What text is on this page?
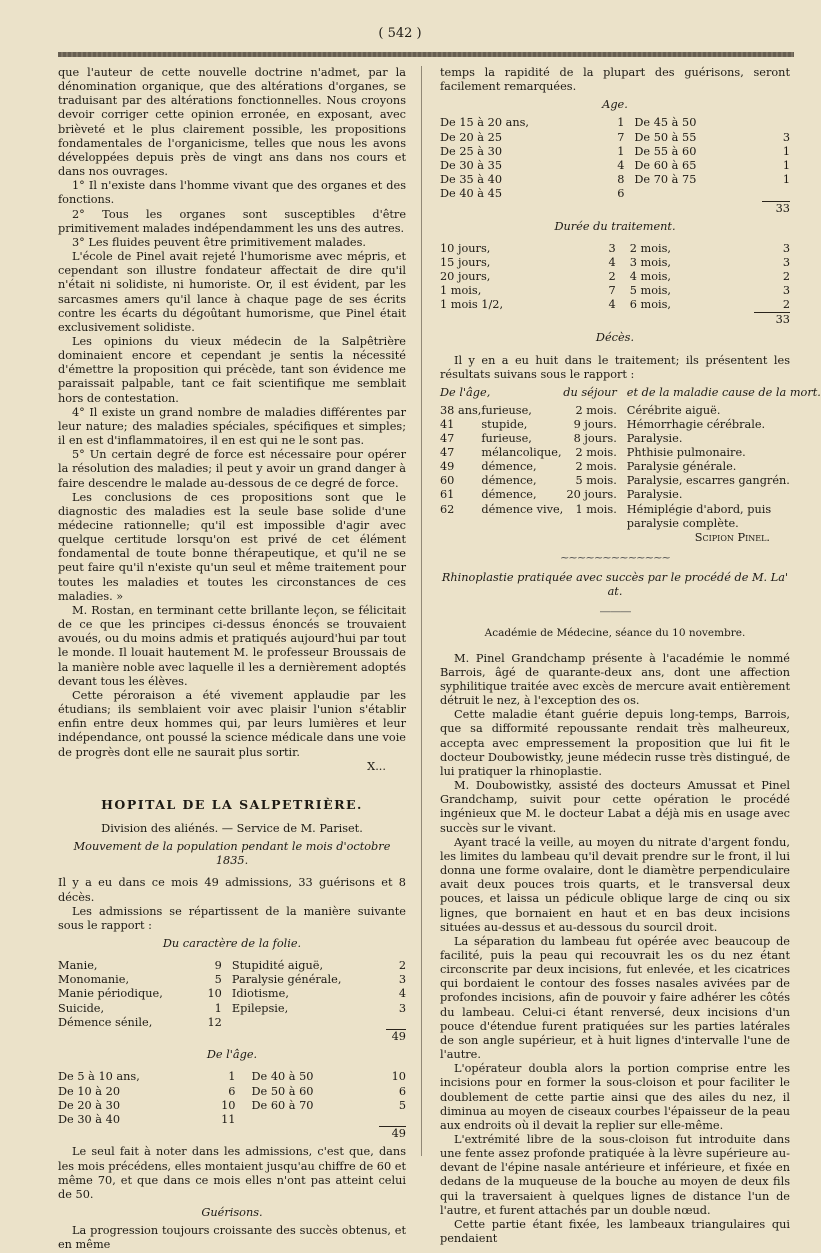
( 542 )

que l'auteur de cette nouvelle doctrine n'admet, par la dénomination organique, que des altérations d'organes, se traduisant par des altérations fonctionnelles. Nous croyons devoir corriger cette opinion erronée, en exposant, avec brièveté et le plus clairement possible, les propositions fondamentales de l'organicisme, telles que nous les avons développées depuis près de vingt ans dans nos cours et dans nos ouvrages.

1° Il n'existe dans l'homme vivant que des organes et des fonctions.

2° Tous les organes sont susceptibles d'être primitivement malades indépendamment les uns des autres.

3° Les fluides peuvent être primitivement malades.

L'école de Pinel avait rejeté l'humorisme avec mépris, et cependant son illustre fondateur affectait de dire qu'il n'était ni solidiste, ni humoriste. Or, il est évident, par les sarcasmes amers qu'il lance à chaque page de ses écrits contre les écarts du dégoûtant humorisme, que Pinel était exclusivement solidiste.

Les opinions du vieux médecin de la Salpêtrière dominaient encore et cependant je sentis la nécessité d'émettre la proposition qui précède, tant son évidence me paraissait palpable, tant ce fait scientifique me semblait hors de contestation.

4° Il existe un grand nombre de maladies différentes par leur nature; des maladies spéciales, spécifiques et simples; il en est d'inflammatoires, il en est qui ne le sont pas.

5° Un certain degré de force est nécessaire pour opérer la résolution des maladies; il peut y avoir un grand danger à faire descendre le malade au-dessous de ce degré de force.

Les conclusions de ces propositions sont que le diagnostic des maladies est la seule base solide d'une médecine rationnelle; qu'il est impossible d'agir avec quelque certitude lorsqu'on est privé de cet élément fondamental de toute bonne thérapeutique, et qu'il ne se peut faire qu'il n'existe qu'un seul et même traitement pour toutes les maladies et toutes les circonstances de ces maladies. »

M. Rostan, en terminant cette brillante leçon, se félicitait de ce que les principes ci-dessus énoncés se trouvaient avoués, ou du moins admis et pratiqués aujourd'hui par tout le monde. Il louait hautement M. le professeur Broussais de la manière noble avec laquelle il les a dernièrement adoptés devant tous les élèves.

Cette péroraison a été vivement applaudie par les étudians; ils semblaient voir avec plaisir l'union s'établir enfin entre deux hommes qui, par leurs lumières et leur indépendance, ont poussé la science médicale dans une voie de progrès dont elle ne saurait plus sortir.

X...

HOPITAL DE LA SALPETRIÈRE.
Division des aliénés. — Service de M. Pariset.
Mouvement de la population pendant le mois d'octobre 1835.

Il y a eu dans ce mois 49 admissions, 33 guérisons et 8 décès.

Les admissions se répartissent de la manière suivante sous le rapport :

Du caractère de la folie.
Manie,	9	Stupidité aiguë,	2
Monomanie,	5	Paralysie générale,	3
Manie périodique,	10	Idiotisme,	4
Suicide,	1	Epilepsie,	3
Démence sénile,	12		
			49
De l'âge.
De 5 à 10 ans,	1	De 40 à 50	10
De 10 à 20	6	De 50 à 60	6
De 20 à 30	10	De 60 à 70	5
De 30 à 40	11		
			49

Le seul fait à noter dans les admissions, c'est que, dans les mois précédens, elles montaient jusqu'au chiffre de 60 et même 70, et que dans ce mois elles n'ont pas atteint celui de 50.

Guérisons.

La progression toujours croissante des succès obtenus, et en même

temps la rapidité de la plupart des guérisons, seront facilement remarquées.

Age.
De 15 à 20 ans,	1	De 45 à 50	
De 20 à 25	7	De 50 à 55	3
De 25 à 30	1	De 55 à 60	1
De 30 à 35	4	De 60 à 65	1
De 35 à 40	8	De 70 à 75	1
De 40 à 45	6		
			33
Durée du traitement.
10 jours,	3	2 mois,	3
15 jours,	4	3 mois,	3
20 jours,	2	4 mois,	2
1 mois,	7	5 mois,	3
1 mois 1/2,	4	6 mois,	2
			33
Décès.

Il y en a eu huit dans le traitement; ils présentent les résultats suivans sous le rapport :

De l'âge,		du séjour	et de la maladie cause de la mort.

38 ans,	furieuse,	2 mois.	Cérébrite aiguë.
41	stupide,	9 jours.	Hémorrhagie cérébrale.
47	furieuse,	8 jours.	Paralysie.
47	mélancolique,	2 mois.	Phthisie pulmonaire.
49	démence,	2 mois.	Paralysie générale.
60	démence,	5 mois.	Paralysie, escarres gangrén.
61	démence,	20 jours.	Paralysie.
62	démence vive,	1 mois.	Hémiplégie d'abord, puis paralysie complète.

Scipion Pinel.

~~~~~~~~~~~~~
Rhinoplastie pratiquée avec succès par le procédé de M. La' at.
———
Académie de Médecine, séance du 10 novembre.

M. Pinel Grandchamp présente à l'académie le nommé Barrois, âgé de quarante-deux ans, dont une affection syphilitique traitée avec excès de mercure avait entièrement détruit le nez, à l'exception des os.

Cette maladie étant guérie depuis long-temps, Barrois, que sa difformité repoussante rendait très malheureux, accepta avec empressement la proposition que lui fit le docteur Doubowistky, jeune médecin russe très distingué, de lui pratiquer la rhinoplastie.

M. Doubowistky, assisté des docteurs Amussat et Pinel Grandchamp, suivit pour cette opération le procédé ingénieux que M. le docteur Labat a déjà mis en usage avec succès sur le vivant.

Ayant tracé la veille, au moyen du nitrate d'argent fondu, les limites du lambeau qu'il devait prendre sur le front, il lui donna une forme ovalaire, dont le diamètre perpendiculaire avait deux pouces trois quarts, et le transversal deux pouces, et laissa un pédicule oblique large de cinq ou six lignes, que bornaient en haut et en bas deux incisions situées au-dessus et au-dessous du sourcil droit.

La séparation du lambeau fut opérée avec beaucoup de facilité, puis la peau qui recouvrait les os du nez étant circonscrite par deux incisions, fut enlevée, et les cicatrices qui bordaient le contour des fosses nasales avivées par de profondes incisions, afin de pouvoir y faire adhérer les côtés du lambeau. Celui-ci étant renversé, deux incisions d'un pouce d'étendue furent pratiquées sur les parties latérales de son angle supérieur, et à huit lignes d'intervalle l'une de l'autre.

L'opérateur doubla alors la portion comprise entre les incisions pour en former la sous-cloison et pour faciliter le doublement de cette partie ainsi que des ailes du nez, il diminua au moyen de ciseaux courbes l'épaisseur de la peau aux endroits où il devait la replier sur elle-même.

L'extrémité libre de la sous-cloison fut introduite dans une fente assez profonde pratiquée à la lèvre supérieure au-devant de l'épine nasale antérieure et inférieure, et fixée en dedans de la muqueuse de la bouche au moyen de deux fils qui la traversaient à quelques lignes de distance l'un de l'autre, et furent attachés par un double nœud.

Cette partie étant fixée, les lambeaux triangulaires qui pendaient
